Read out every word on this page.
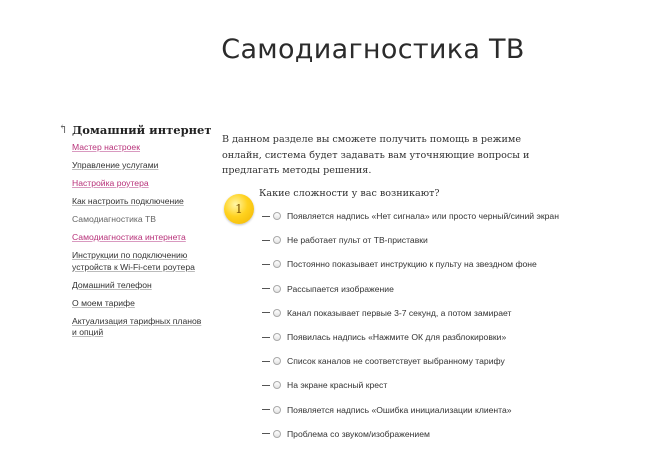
Самодиагностика ТВ
↰ Домашний интернет
Мастер настроек
Управление услугами
Настройка роутера
Как настроить подключение
Самодиагностика ТВ
Самодиагностика интернета
Инструкции по подключению устройств к Wi-Fi-сети роутера
Домашний телефон
О моем тарифе
Актуализация тарифных планов и опций
В данном разделе вы сможете получить помощь в режиме онлайн, система будет задавать вам уточняющие вопросы и предлагать методы решения.
1
Какие сложности у вас возникают?
Появляется надпись «Нет сигнала» или просто черный/синий экран
Не работает пульт от ТВ-приставки
Постоянно показывает инструкцию к пульту на звездном фоне
Рассыпается изображение
Канал показывает первые 3-7 секунд, а потом замирает
Появилась надпись «Нажмите ОК для разблокировки»
Список каналов не соответствует выбранному тарифу
На экране красный крест
Появляется надпись «Ошибка инициализации клиента»
Проблема со звуком/изображением
